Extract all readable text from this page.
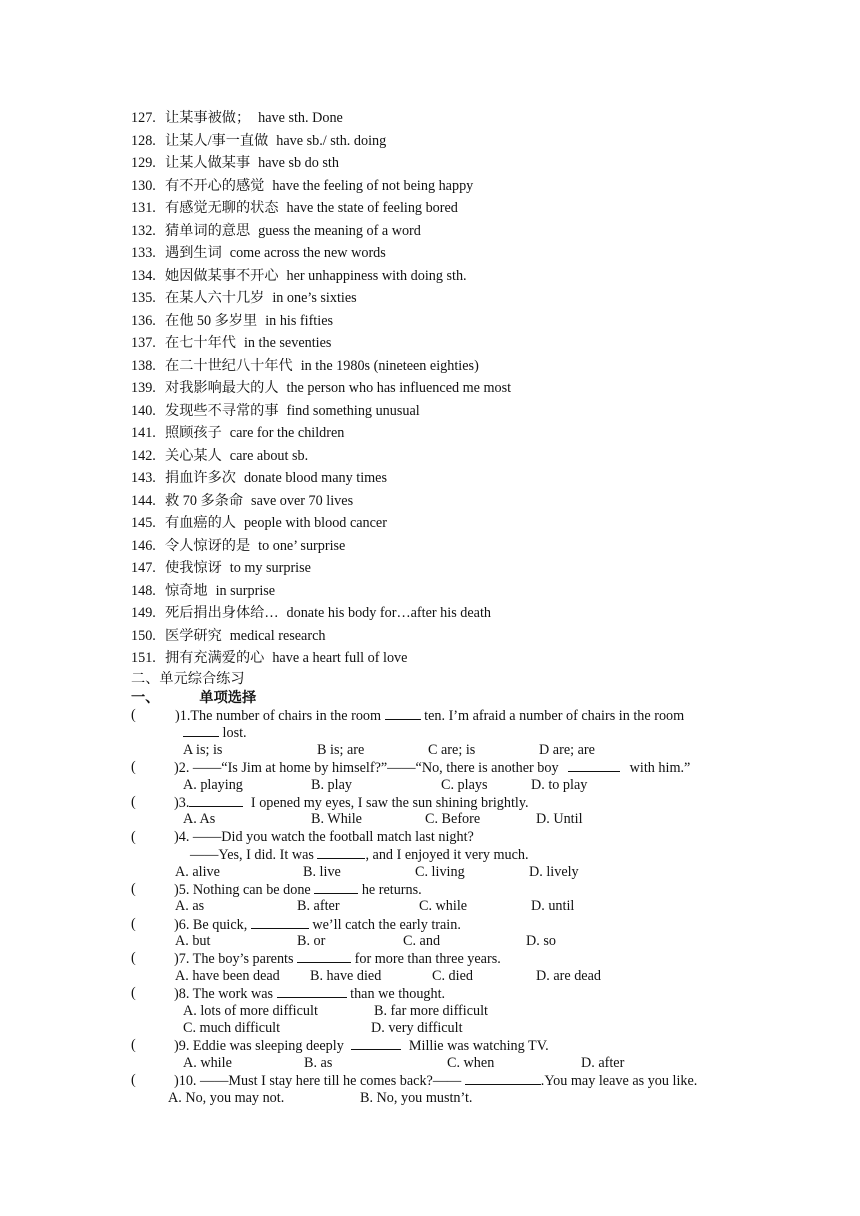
127. 让某事被做； have sth. Done
128. 让某人/事一直做 have sb./ sth. doing
129. 让某人做某事 have sb do sth
130. 有不开心的感觉 have the feeling of not being happy
131. 有感觉无聊的状态 have the state of feeling bored
132. 猜单词的意思 guess the meaning of a word
133. 遇到生词 come across the new words
134. 她因做某事不开心 her unhappiness with doing sth.
135. 在某人六十几岁 in one’s sixties
136. 在他 50 多岁里 in his fifties
137. 在七十年代 in the seventies
138. 在二十世纪八十年代 in the 1980s (nineteen eighties)
139. 对我影响最大的人 the person who has influenced me most
140. 发现些不寻常的事 find something unusual
141. 照顾孩子 care for the children
142. 关心某人 care about sb.
143. 捐血许多次 donate blood many times
144. 救 70 多条命 save over 70 lives
145. 有血癌的人 people with blood cancer
146. 令人惊讶的是 to one’ surprise
147. 使我惊讶 to my surprise
148. 惊奇地 in surprise
149. 死后捐出身体给… donate his body for…after his death
150. 医学研究 medical research
151. 拥有充满爱的心 have a heart full of love
二、单元综合练习
一、	单项选择
(	)1.The number of chairs in the room	ten. I’m afraid a number of chairs in the room
lost.
A is; is	B is; are	C are; is	D are; are
(	)2. ——“Is Jim at home by himself?”——“No, there is another boy	with him.”
A. playing	B. play	C. plays	D. to play
(	)3.	I opened my eyes, I saw the sun shining brightly.
A. As	B. While	C. Before	D. Until
(	)4. ——Did you watch the football match last night?
——Yes, I did. It was	, and I enjoyed it very much.
A. alive	B. live	C. living	D. lively
(	)5. Nothing can be done	he returns.
A. as	B. after	C. while	D. until
(	)6. Be quick,	we’ll catch the early train.
A. but	B. or	C. and	D. so
(	)7. The boy’s parents	for more than three years.
A. have been dead B. have died	C. died	D. are dead
(	)8. The work was	than we thought.
A. lots of more difficult	B. far more difficult
C. much difficult	D. very difficult
(	)9. Eddie was sleeping deeply	Millie was watching TV.
A. while	B. as	C. when	D. after
(	)10. ——Must I stay here till he comes back?——	.You may leave as you like.
A. No, you may not.	B. No, you mustn’t.
